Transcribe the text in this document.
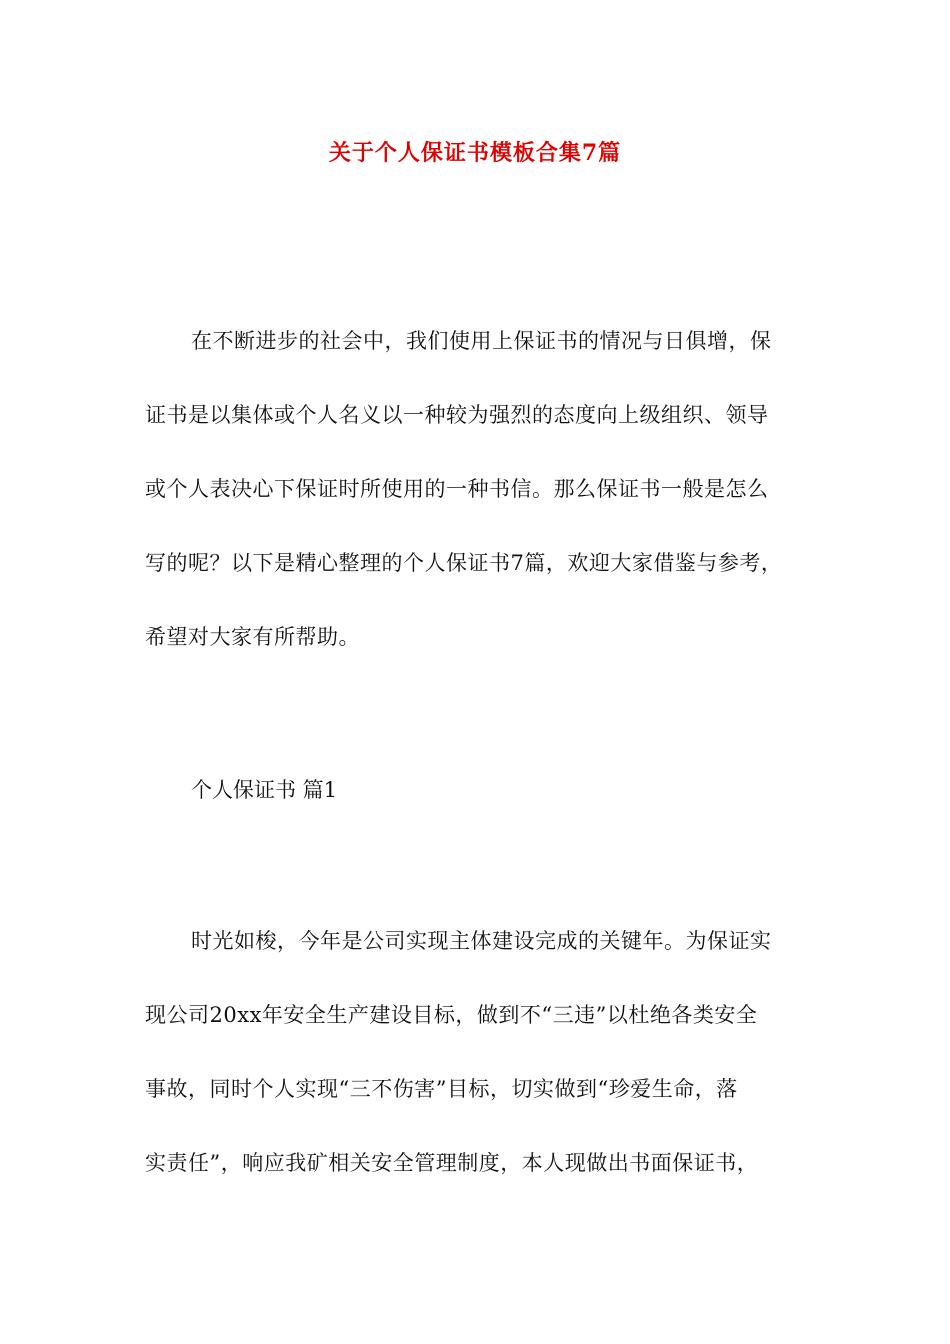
关于个人保证书模板合集7篇
在不断进步的社会中，我们使用上保证书的情况与日俱增，保
证书是以集体或个人名义以一种较为强烈的态度向上级组织、领导
或个人表决心下保证时所使用的一种书信。那么保证书一般是怎么
写的呢？以下是精心整理的个人保证书7篇，欢迎大家借鉴与参考，
希望对大家有所帮助。
个人保证书 篇1
时光如梭，今年是公司实现主体建设完成的关键年。为保证实
现公司20xx年安全生产建设目标，做到不“三违”以杜绝各类安全
事故，同时个人实现“三不伤害”目标，切实做到“珍爱生命，落
实责任”，响应我矿相关安全管理制度，本人现做出书面保证书，
